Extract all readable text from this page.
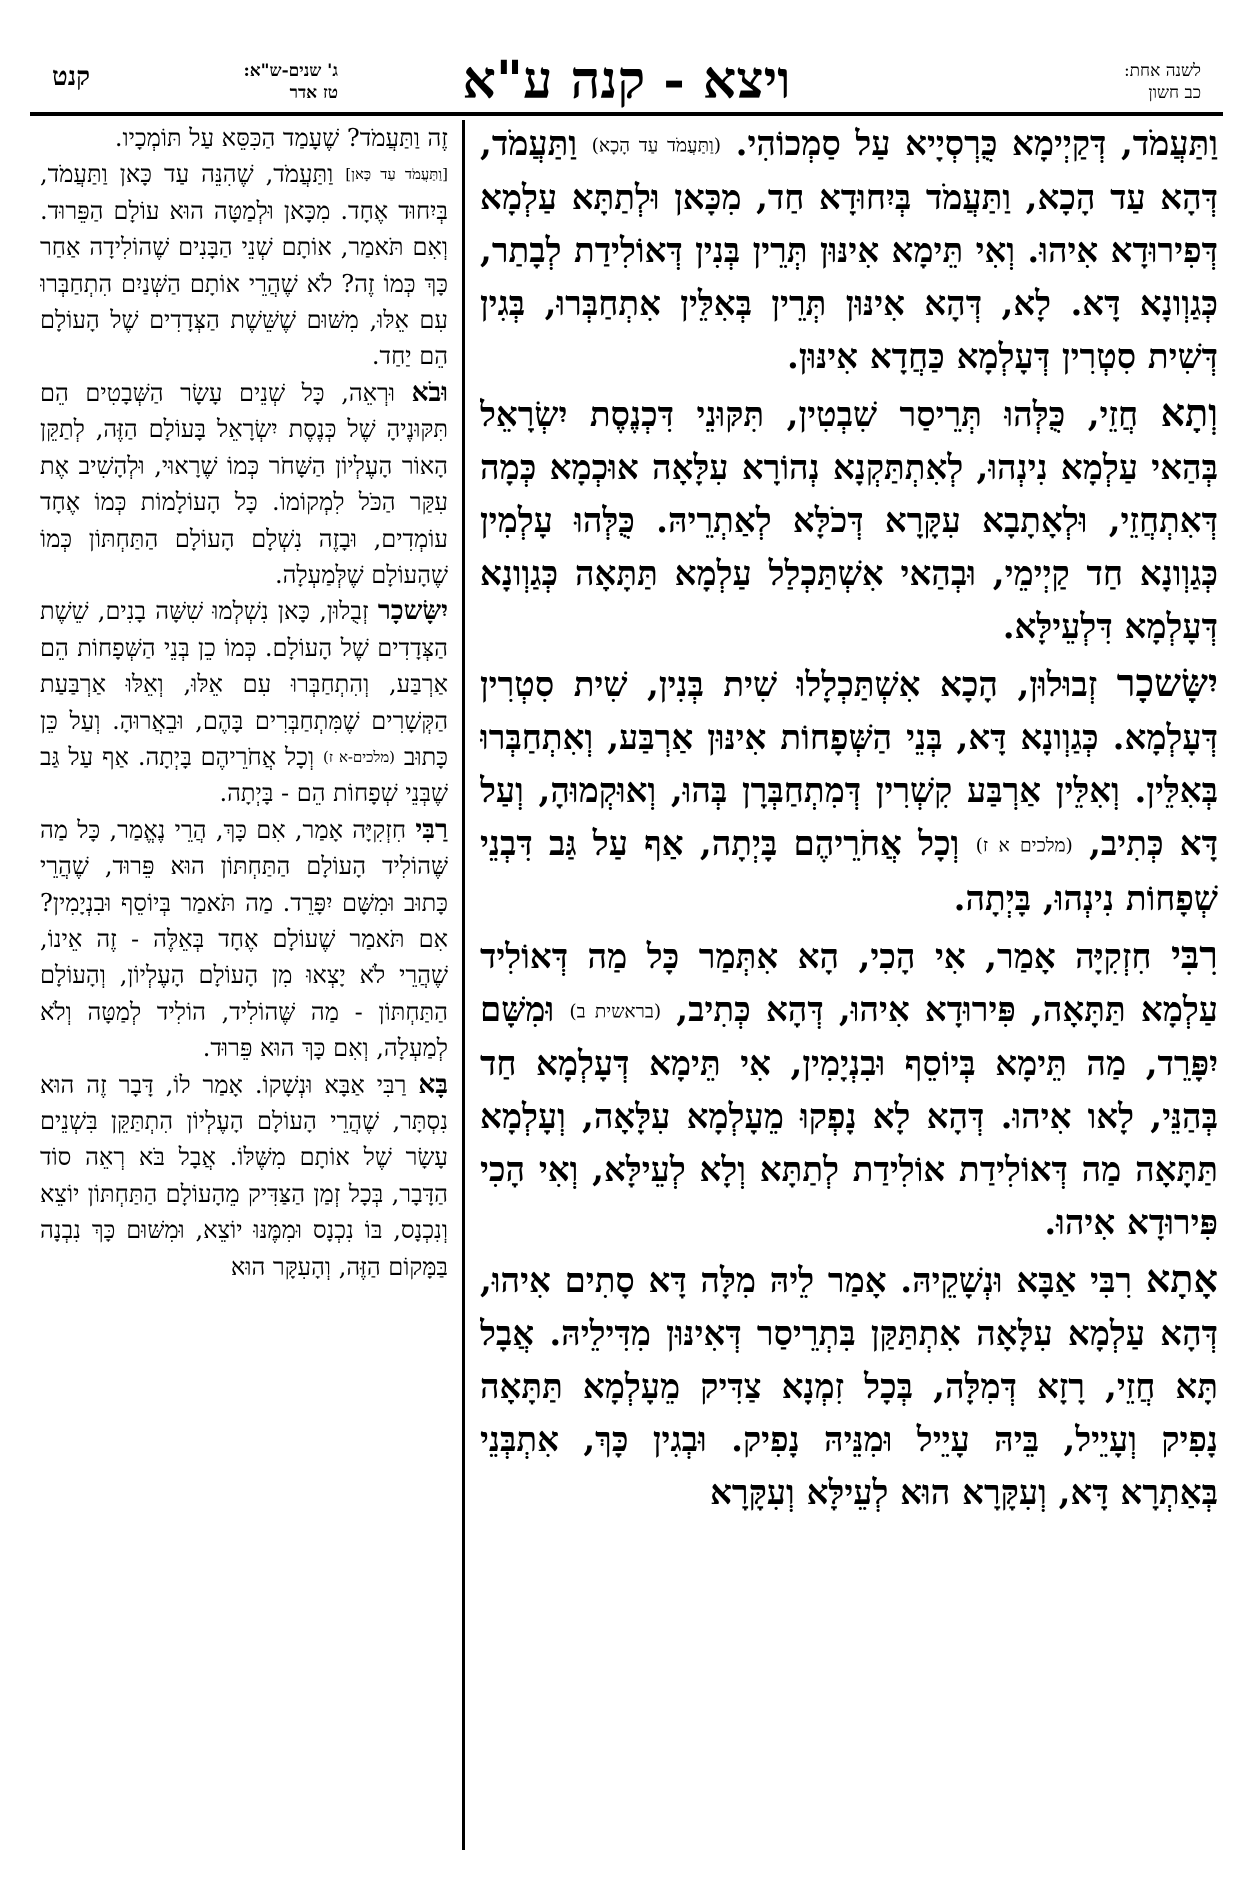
קנט	ג' שנים-ש"א:
טז אדר	ויצא - קנה ע"א	לשנה אחת:
כב חשון

וַתַּעֲמֹד, דְּקַיְימָא כֻּרְסְיָיא עַל סַמְכוֹהִי. (וַתַּעֲמֹד עַד הָכָא) וַתַּעֲמֹד, דְּהָא עַד הָכָא, וַתַּעֲמֹד בְּיִחוּדָא חַד, מִכָּאן וּלְתַתָּא עַלְמָא דְּפִירוּדָא אִיהוּ. וְאִי תֵּימָא אִינּוּן תְּרֵין בְּנִין דְּאוֹלִידַת לְבָתַר, כְּגַוְונָא דָּא. לָא, דְּהָא אִינּוּן תְּרֵין בְּאִלֵּין אִתְחַבְּרוּ, בְּגִין דְּשִׁית סִטְרִין דְּעָלְמָא כַּחֲדָא אִינּוּן.

וְתָא חֲזֵי, כֻּלְּהוּ תְּרֵיסַר שִׁבְטִין, תִּקּוּנֵי דִּכְנֶסֶת יִשְׂרָאֵל בְּהַאי עַלְמָא נִינְהוּ, לְאִתְתַּקְנָא נְהוֹרָא עִלָּאָה אוּכְמָא כְּמָה דְּאִתְחֲזֵי, וּלְאָתָבָא עִקָּרָא דְּכֹלָּא לְאַתְרֵיהּ. כֻּלְּהוּ עָלְמִין כְּגַוְונָא חַד קַיְימֵי, וּבְהַאי אִשְׁתַּכְלַל עַלְמָא תַּתָּאָה כְּגַוְונָא דְּעָלְמָא דִּלְעֵילָּא.

יִשָּׂשכָר זְבוּלוּן, הָכָא אִשְׁתַּכְלָלוּ שִׁית בְּנִין, שִׁית סִטְרִין דְּעָלְמָא. כְּגַוְונָא דָּא, בְּנֵי הַשְּׁפָחוֹת אִינּוּן אַרְבַּע, וְאִתְחַבְּרוּ בְּאִלֵּין. וְאִלֵּין אַרְבַּע קִשְׁרִין דְּמִתְחַבְּרָן בְּהוּ, וְאוּקְמוּהָ, וְעַל דָּא כְּתִיב, (מלכים א ז) וְכָל אֲחֹרֵיהֶם בָּיְתָה, אַף עַל גַּב דִּבְנֵי שְׁפָחוֹת נִינְהוּ, בָּיְתָה.

רִבִּי חִזְקִיָּה אָמַר, אִי הָכִי, הָא אִתְּמַר כָּל מַה דְּאוֹלִיד עַלְמָא תַּתָּאָה, פִּירוּדָא אִיהוּ, דְּהָא כְּתִיב, (בראשית ב) וּמִשָּׁם יִפָּרֵד, מַה תֵּימָא בְּיוֹסֵף וּבִנְיָמִין, אִי תֵּימָא דְּעָלְמָא חַד בְּהַנֵּי, לָאו אִיהוּ. דְּהָא לָא נָפְקוּ מֵעָלְמָא עִלָּאָה, וְעָלְמָא תַּתָּאָה מַה דְּאוֹלִידַת אוֹלִידַת לְתַתָּא וְלָא לְעֵילָּא, וְאִי הָכִי פִּירוּדָא אִיהוּ.

אָתָא רִבִּי אַבָּא וּנְשָׁקֵיהּ. אָמַר לֵיהּ מִלָּה דָּא סָתִים אִיהוּ, דְּהָא עַלְמָא עִלָּאָה אִתְתַּקַּן בִּתְרֵיסַר דְּאִינּוּן מִדִּילֵיהּ. אֲבָל תָּא חֲזֵי, רָזָא דְּמִלָּה, בְּכָל זִמְנָא צַדִּיק מֵעָלְמָא תַּתָּאָה נָפִיק וְעָיֵיל, בֵּיהּ עָיֵיל וּמִנֵּיהּ נָפִיק. וּבְגִין כָּךְ, אִתְבְּנֵי בְּאַתְרָא דָּא, וְעִקָּרָא הוּא לְעֵילָּא וְעִקָּרָא

זֶה וַתַּעֲמֹד? שֶׁעָמַד הַכִּסֵּא עַל תּוֹמְכָיו.

[וַתַּעֲמֹד עַד כָּאן] וַתַּעֲמֹד, שֶׁהִנֵּה עַד כָּאן וַתַּעֲמֹד, בְּיִחוּד אֶחָד. מִכָּאן וּלְמַטָּה הוּא עוֹלָם הַפֵּרוּד. וְאִם תֹּאמַר, אוֹתָם שְׁנֵי הַבָּנִים שֶׁהוֹלִידָה אַחַר כָּךְ כְּמוֹ זֶה? לֹא שֶׁהֲרֵי אוֹתָם הַשְּׁנַיִם הִתְחַבְּרוּ עִם אֵלּוּ, מִשּׁוּם שֶׁשֵּׁשֶׁת הַצְּדָדִים שֶׁל הָעוֹלָם הֵם יַחַד.

וּבֹא וּרְאֵה, כָּל שְׁנֵים עָשָׂר הַשְּׁבָטִים הֵם תִּקּוּנֶיהָ שֶׁל כְּנֶסֶת יִשְׂרָאֵל בָּעוֹלָם הַזֶּה, לְתַקֵּן הָאוֹר הָעֶלְיוֹן הַשָּׁחֹר כְּמוֹ שֶׁרָאוּי, וּלְהָשִׁיב אֶת עִקַּר הַכֹּל לִמְקוֹמוֹ. כָּל הָעוֹלָמוֹת כְּמוֹ אֶחָד עוֹמְדִים, וּבָזֶה נִשְׁלָם הָעוֹלָם הַתַּחְתּוֹן כְּמוֹ שֶׁהָעוֹלָם שֶׁלְּמַעְלָה.

יִשָּׂשכָר זְבֻלוּן, כָּאן נִשְׁלְמוּ שִׁשָּׁה בָנִים, שֵׁשֶׁת הַצְּדָדִים שֶׁל הָעוֹלָם. כְּמוֹ כֵן בְּנֵי הַשְּׁפָחוֹת הֵם אַרְבַּע, וְהִתְחַבְּרוּ עִם אֵלּוּ, וְאֵלּוּ אַרְבַּעַת הַקְּשָׁרִים שֶׁמִּתְחַבְּרִים בָּהֶם, וּבֵאֲרוּהָ. וְעַל כֵּן כָּתוּב (מלכים-א ז) וְכָל אֲחֹרֵיהֶם בָּיְתָה. אַף עַל גַּב שֶׁבְּנֵי שְׁפָחוֹת הֵם - בָּיְתָה.

רַבִּי חִזְקִיָּה אָמַר, אִם כָּךְ, הֲרֵי נֶאֱמַר, כָּל מַה שֶּׁהוֹלִיד הָעוֹלָם הַתַּחְתּוֹן הוּא פֵּרוּד, שֶׁהֲרֵי כָּתוּב וּמִשָּׁם יִפָּרֵד. מַה תֹּאמַר בְּיוֹסֵף וּבִנְיָמִין? אִם תֹּאמַר שֶׁעוֹלָם אֶחָד בְּאֵלֶּה - זֶה אֵינוֹ, שֶׁהֲרֵי לֹא יָצְאוּ מִן הָעוֹלָם הָעֶלְיוֹן, וְהָעוֹלָם הַתַּחְתּוֹן - מַה שֶּׁהוֹלִיד, הוֹלִיד לְמַטָּה וְלֹא לְמַעְלָה, וְאִם כָּךְ הוּא פֵּרוּד.

בָּא רַבִּי אַבָּא וּנְשָׁקוֹ. אָמַר לוֹ, דָּבָר זֶה הוּא נִסְתָּר, שֶׁהֲרֵי הָעוֹלָם הָעֶלְיוֹן הִתְתַּקֵּן בִּשְׁנֵים עָשָׂר שֶׁל אוֹתָם מִשֶּׁלּוֹ. אֲבָל בֹּא רְאֵה סוֹד הַדָּבָר, בְּכָל זְמַן הַצַּדִּיק מֵהָעוֹלָם הַתַּחְתּוֹן יוֹצֵא וְנִכְנָס, בּוֹ נִכְנָס וּמִמֶּנּוּ יוֹצֵא, וּמִשּׁוּם כָּךְ נִבְנָה בַּמָּקוֹם הַזֶּה, וְהָעִקָּר הוּא
